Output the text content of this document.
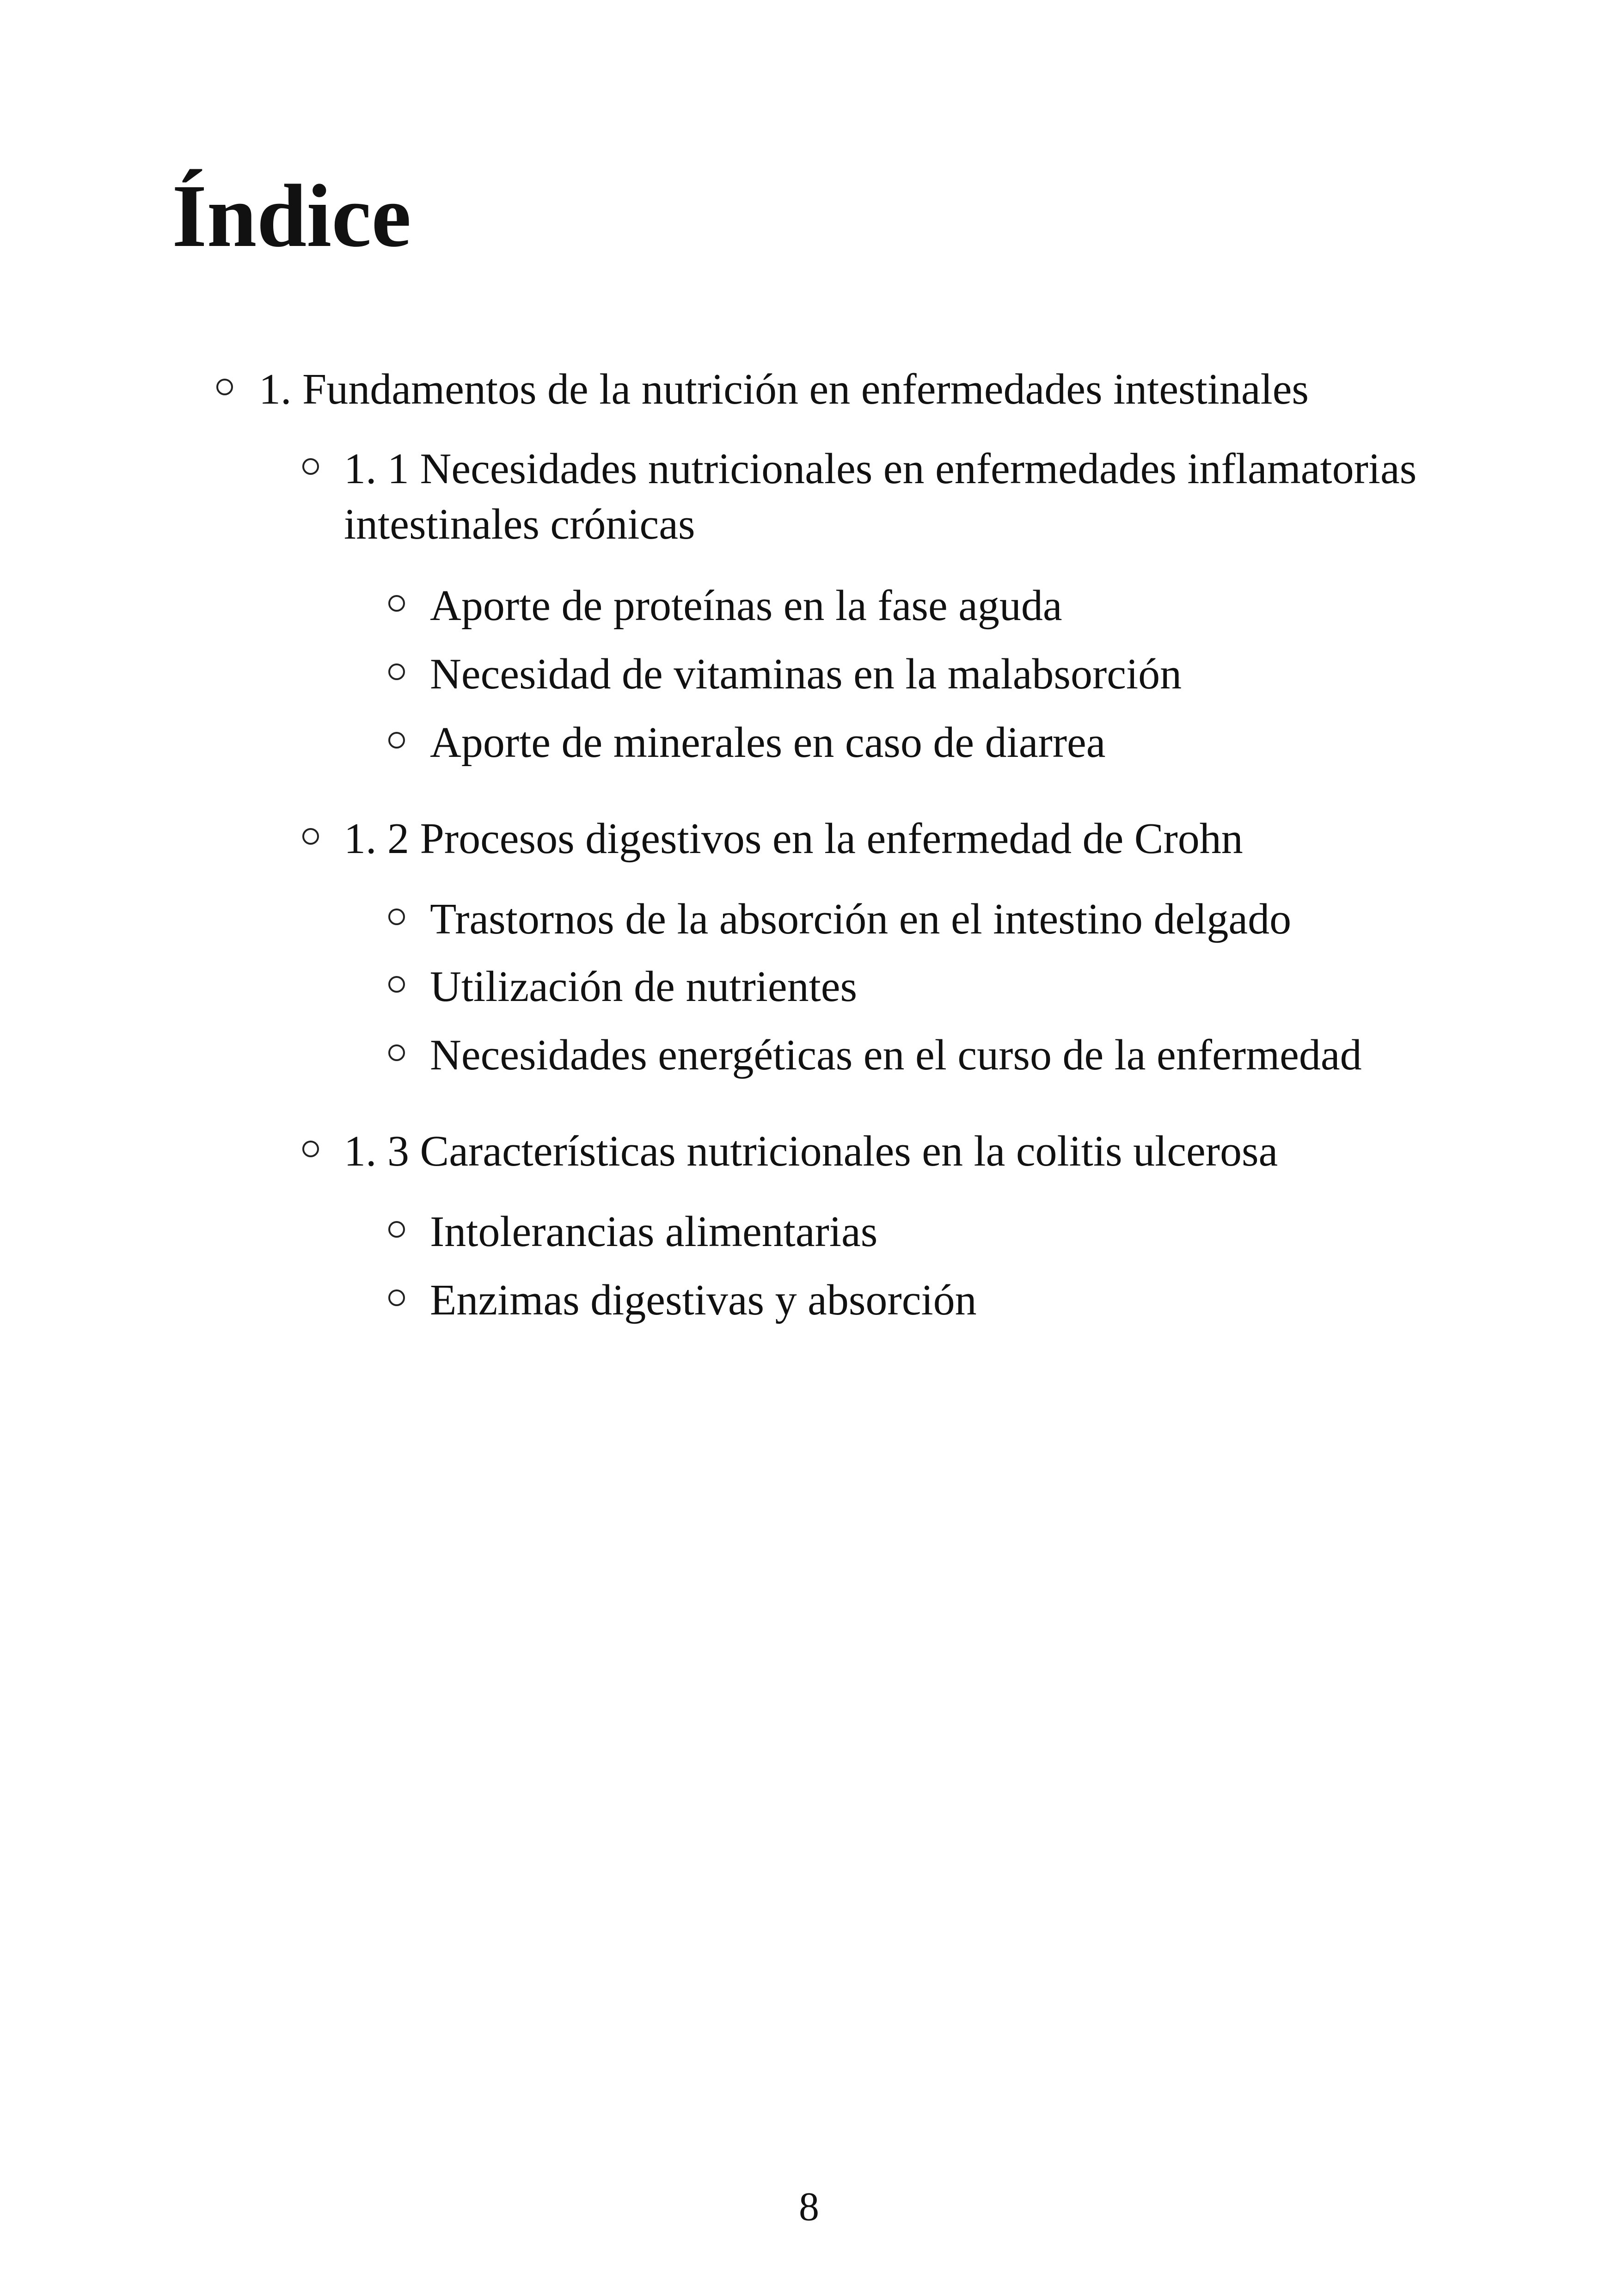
Índice
1. Fundamentos de la nutrición en enfermedades intestinales
1. 1 Necesidades nutricionales en enfermedades inflamatorias intestinales crónicas
Aporte de proteínas en la fase aguda
Necesidad de vitaminas en la malabsorción
Aporte de minerales en caso de diarrea
1. 2 Procesos digestivos en la enfermedad de Crohn
Trastornos de la absorción en el intestino delgado
Utilización de nutrientes
Necesidades energéticas en el curso de la enfermedad
1. 3 Características nutricionales en la colitis ulcerosa
Intolerancias alimentarias
Enzimas digestivas y absorción
8
